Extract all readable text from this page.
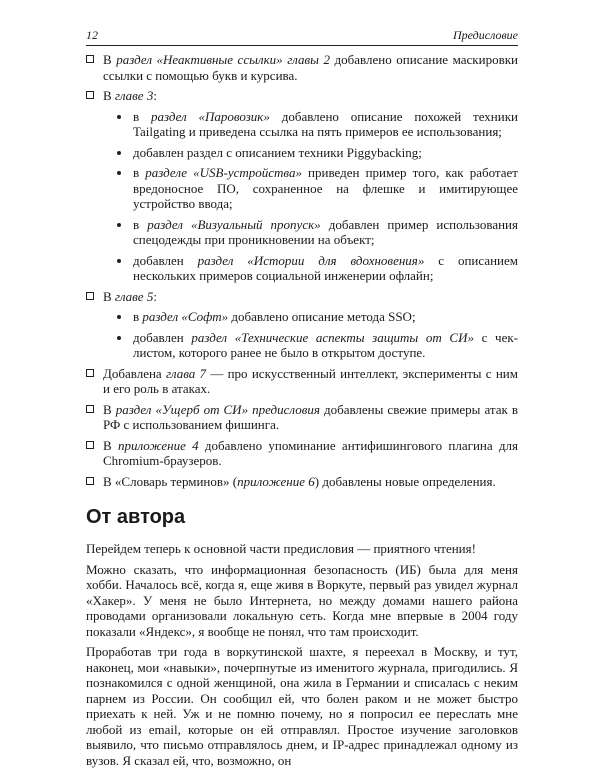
12	Предисловие
В раздел «Неактивные ссылки» главы 2 добавлено описание маскировки ссылки с помощью букв и курсива.
В главе 3:
в раздел «Паровозик» добавлено описание похожей техники Tailgating и приведена ссылка на пять примеров ее использования;
добавлен раздел с описанием техники Piggybacking;
в разделе «USB-устройства» приведен пример того, как работает вредоносное ПО, сохраненное на флешке и имитирующее устройство ввода;
в раздел «Визуальный пропуск» добавлен пример использования спецодежды при проникновении на объект;
добавлен раздел «Истории для вдохновения» с описанием нескольких примеров социальной инженерии офлайн;
В главе 5:
в раздел «Софт» добавлено описание метода SSO;
добавлен раздел «Технические аспекты защиты от СИ» с чек-листом, которого ранее не было в открытом доступе.
Добавлена глава 7 — про искусственный интеллект, эксперименты с ним и его роль в атаках.
В раздел «Ущерб от СИ» предисловия добавлены свежие примеры атак в РФ с использованием фишинга.
В приложение 4 добавлено упоминание антифишингового плагина для Chromium-браузеров.
В «Словарь терминов» (приложение 6) добавлены новые определения.
От автора

Перейдем теперь к основной части предисловия — приятного чтения!

Можно сказать, что информационная безопасность (ИБ) была для меня хобби. Началось всё, когда я, еще живя в Воркуте, первый раз увидел журнал «Хакер». У меня не было Интернета, но между домами нашего района проводами организовали локальную сеть. Когда мне впервые в 2004 году показали «Яндекс», я вообще не понял, что там происходит.

Проработав три года в воркутинской шахте, я переехал в Москву, и тут, наконец, мои «навыки», почерпнутые из именитого журнала, пригодились. Я познакомился с одной женщиной, она жила в Германии и списалась с неким парнем из России. Он сообщил ей, что болен раком и не может быстро приехать к ней. Уж и не помню почему, но я попросил ее переслать мне любой из email, которые он ей отправлял. Простое изучение заголовков выявило, что письмо отправлялось днем, и IP-адрес принадлежал одному из вузов. Я сказал ей, что, возможно, он
